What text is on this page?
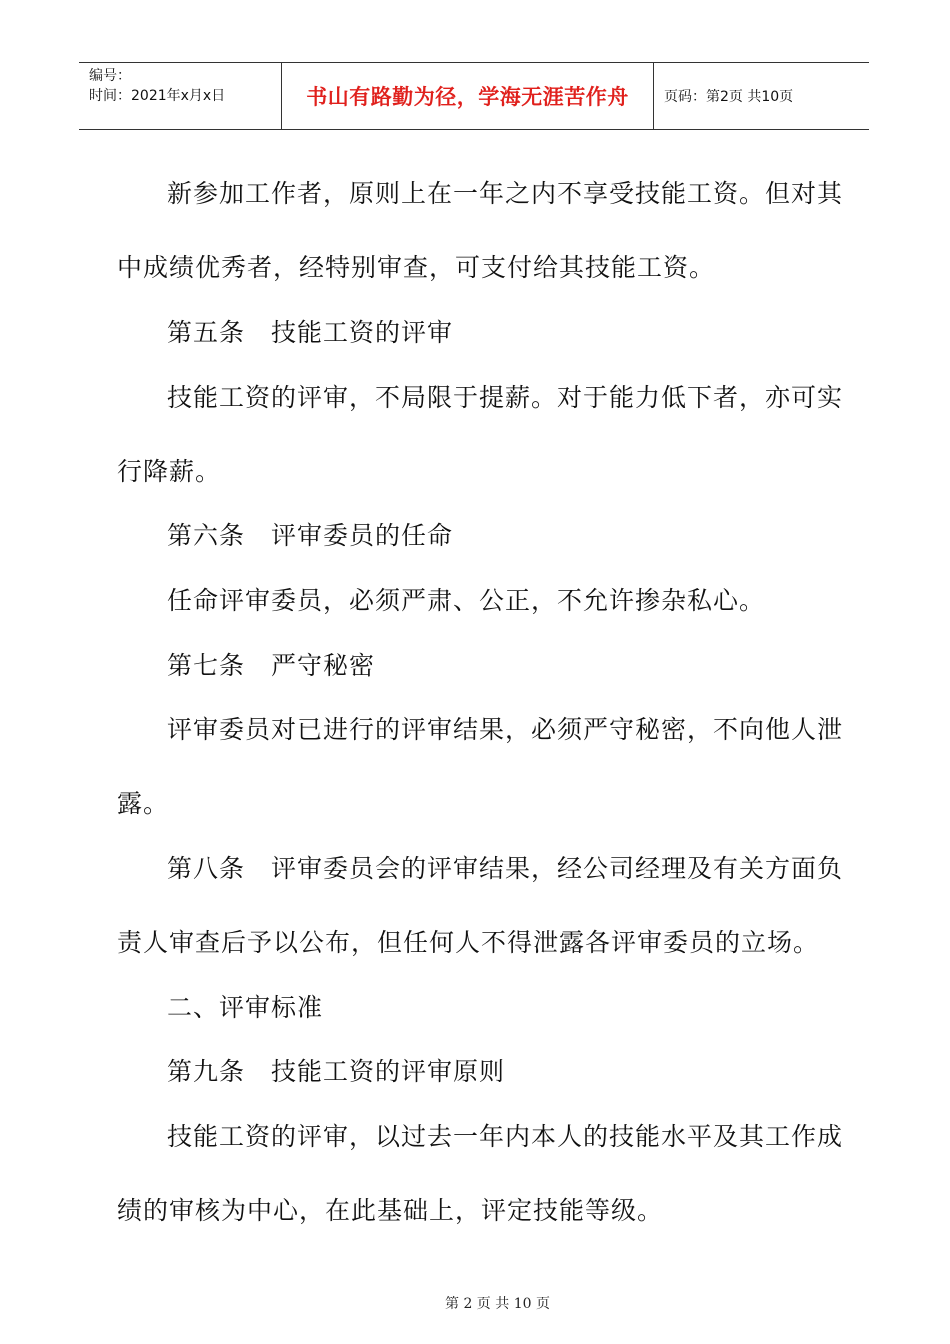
编号：
时间：2021年x月x日	书山有路勤为径，学海无涯苦作舟	页码：第2页 共10页
新参加工作者，原则上在一年之内不享受技能工资。但对其
中成绩优秀者，经特别审查，可支付给其技能工资。
第五条　技能工资的评审
技能工资的评审，不局限于提薪。对于能力低下者，亦可实
行降薪。
第六条　评审委员的任命
任命评审委员，必须严肃、公正，不允许掺杂私心。
第七条　严守秘密
评审委员对已进行的评审结果，必须严守秘密，不向他人泄
露。
第八条　评审委员会的评审结果，经公司经理及有关方面负
责人审查后予以公布，但任何人不得泄露各评审委员的立场。
二、评审标准
第九条　技能工资的评审原则
技能工资的评审，以过去一年内本人的技能水平及其工作成
绩的审核为中心，在此基础上，评定技能等级。
第 2 页 共 10 页
